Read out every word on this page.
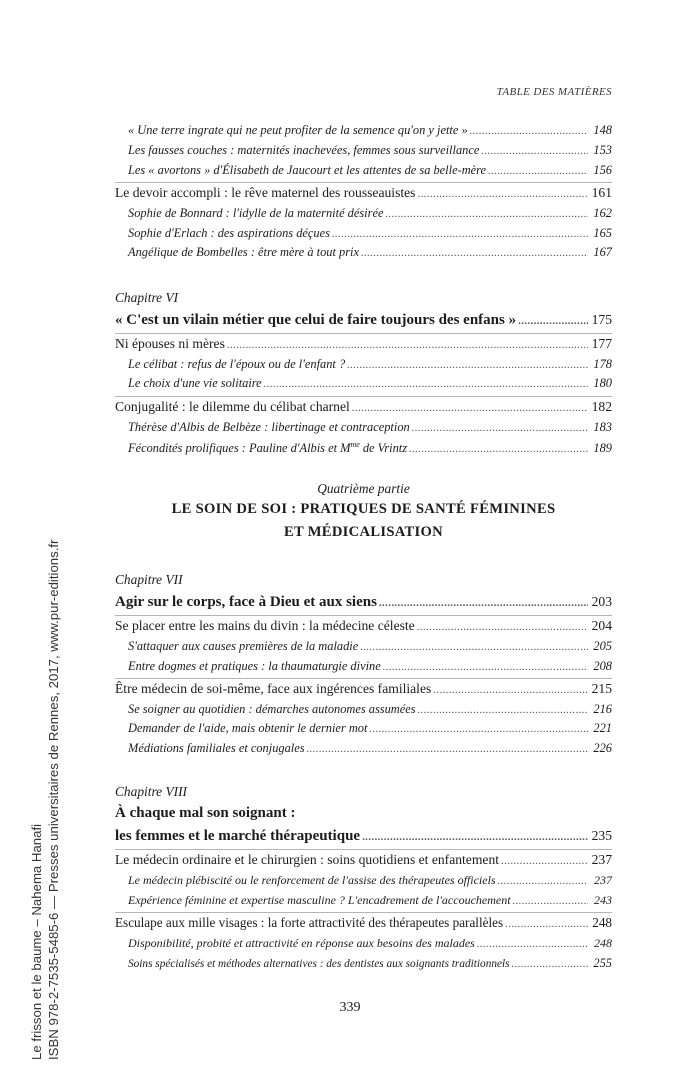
TABLE DES MATIÈRES
Le frisson et le baume – Nahema Hanafi ISBN 978-2-7535-5485-6 — Presses universitaires de Rennes, 2017, www.pur-editions.fr
« Une terre ingrate qui ne peut profiter de la semence qu'on y jette » . . .	148
Les fausses couches : maternités inachevées, femmes sous surveillance . . .	153
Les « avortons » d'Élisabeth de Jaucourt et les attentes de sa belle-mère . . .	156
Le devoir accompli : le rêve maternel des rousseauistes . . .	161
Sophie de Bonnard : l'idylle de la maternité désirée . . .	162
Sophie d'Erlach : des aspirations déçues . . .	165
Angélique de Bombelles : être mère à tout prix . . .	167
Chapitre VI
« C'est un vilain métier que celui de faire toujours des enfans » . . .	175
Ni épouses ni mères . . .	177
Le célibat : refus de l'époux ou de l'enfant ? . . .	178
Le choix d'une vie solitaire . . .	180
Conjugalité : le dilemme du célibat charnel . . .	182
Thérèse d'Albis de Belbèze : libertinage et contraception . . .	183
Fécondités prolifiques : Pauline d'Albis et $M^{me}$ de Vrintz . . .	189
Quatrième partie
LE SOIN DE SOI : PRATIQUES DE SANTÉ FÉMININES
ET MÉDICALISATION
Chapitre VII
Agir sur le corps, face à Dieu et aux siens . . .	203
Se placer entre les mains du divin : la médecine céleste . . .	204
S'attaquer aux causes premières de la maladie . . .	205
Entre dogmes et pratiques : la thaumaturgie divine . . .	208
Être médecin de soi-même, face aux ingérences familiales . . .	215
Se soigner au quotidien : démarches autonomes assumées . . .	216
Demander de l'aide, mais obtenir le dernier mot . . .	221
Médiations familiales et conjugales . . .	226
Chapitre VIII
À chaque mal son soignant :
les femmes et le marché thérapeutique . . .	235
Le médecin ordinaire et le chirurgien : soins quotidiens et enfantement . . .	237
Le médecin plébiscité ou le renforcement de l'assise des thérapeutes officiels . . .	237
Expérience féminine et expertise masculine ? L'encadrement de l'accouchement . . .	243
Esculape aux mille visages : la forte attractivité des thérapeutes parallèles . . .	248
Disponibilité, probité et attractivité en réponse aux besoins des malades . . .	248
Soins spécialisés et méthodes alternatives : des dentistes aux soignants traditionnels . . .	255
339
